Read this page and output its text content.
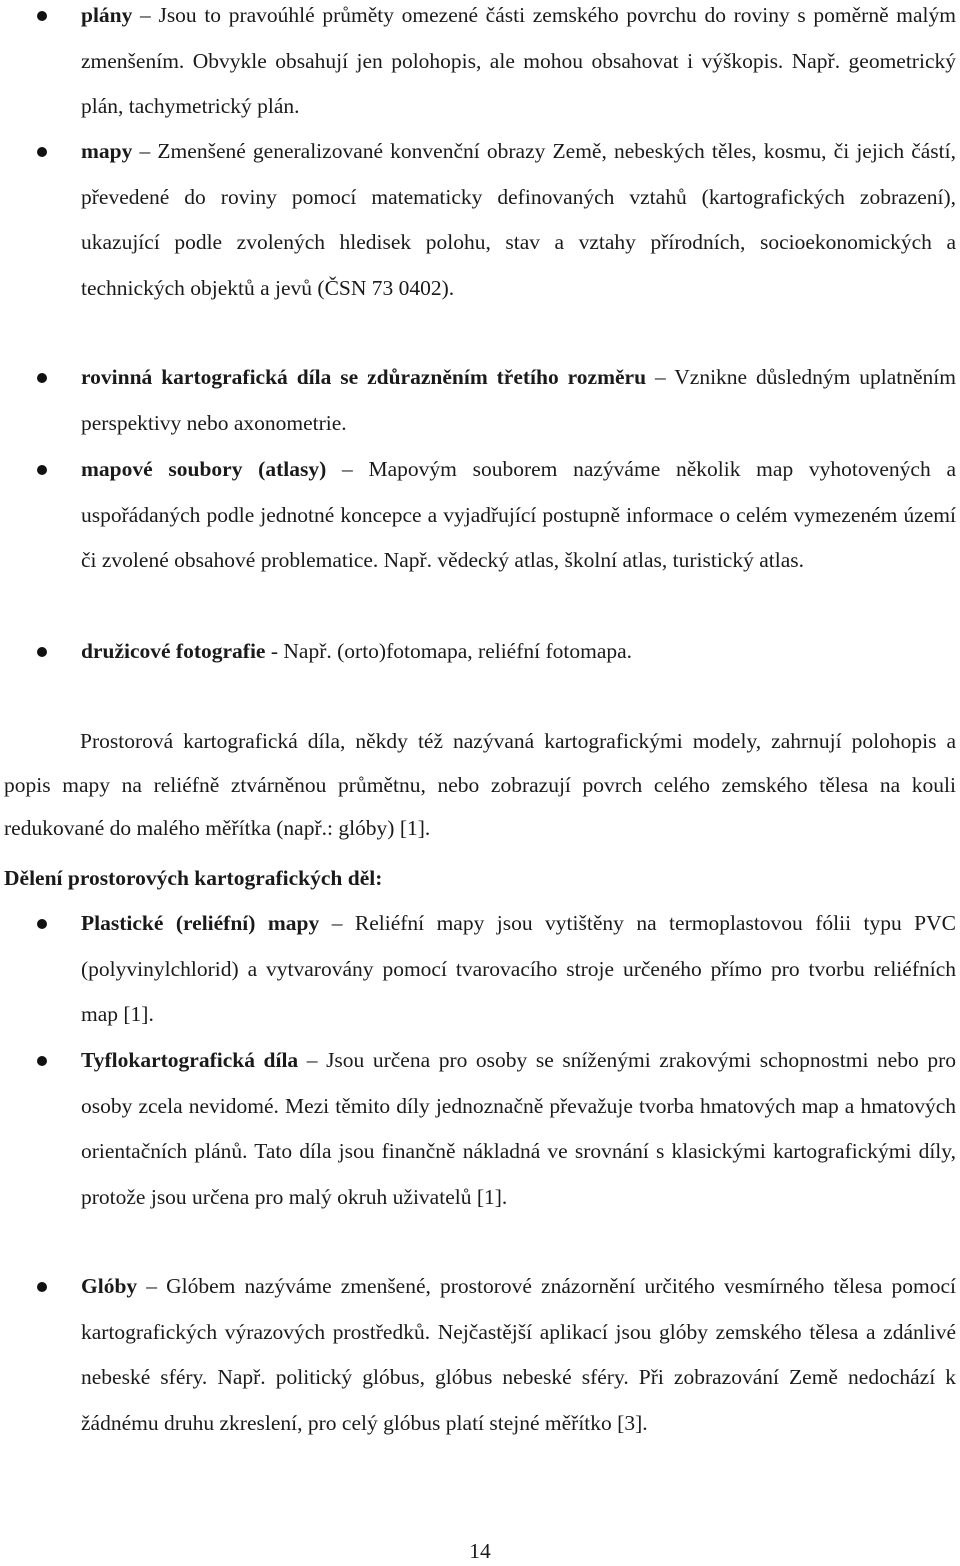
plány – Jsou to pravoúhlé průměty omezené části zemského povrchu do roviny s poměrně malým zmenšením. Obvykle obsahují jen polohopis, ale mohou obsahovat i výškopis. Např. geometrický plán, tachymetrický plán.
mapy – Zmenšené generalizované konvenční obrazy Země, nebeských těles, kosmu, či jejich částí, převedené do roviny pomocí matematicky definovaných vztahů (kartografických zobrazení), ukazující podle zvolených hledisek polohu, stav a vztahy přírodních, socioekonomických a technických objektů a jevů (ČSN 73 0402).
rovinná kartografická díla se zdůrazněním třetího rozměru – Vznikne důsledným uplatněním perspektivy nebo axonometrie.
mapové soubory (atlasy) – Mapovým souborem nazýváme několik map vyhotovených a uspořádaných podle jednotné koncepce a vyjadřující postupně informace o celém vymezeném území či zvolené obsahové problematice. Např. vědecký atlas, školní atlas, turistický atlas.
družicové fotografie - Např. (orto)fotomapa, reliéfní fotomapa.
Prostorová kartografická díla, někdy též nazývaná kartografickými modely, zahrnují polohopis a popis mapy na reliéfně ztvárněnou průmětnu, nebo zobrazují povrch celého zemského tělesa na kouli redukované do malého měřítka (např.: glóby) [1].
Dělení prostorových kartografických děl:
Plastické (reliéfní) mapy – Reliéfní mapy jsou vytištěny na termoplastovou fólii typu PVC (polyvinylchlorid) a vytvarovány pomocí tvarovacího stroje určeného přímo pro tvorbu reliéfních map [1].
Tyflokartografická díla – Jsou určena pro osoby se sníženými zrakovými schopnostmi nebo pro osoby zcela nevidomé. Mezi těmito díly jednoznačně převažuje tvorba hmatových map a hmatových orientačních plánů. Tato díla jsou finančně nákladná ve srovnání s klasickými kartografickými díly, protože jsou určena pro malý okruh uživatelů [1].
Glóby – Glóbem nazýváme zmenšené, prostorové znázornění určitého vesmírného tělesa pomocí kartografických výrazových prostředků. Nejčastější aplikací jsou glóby zemského tělesa a zdánlivé nebeské sféry. Např. politický glóbus, glóbus nebeské sféry. Při zobrazování Země nedochází k žádnému druhu zkreslení, pro celý glóbus platí stejné měřítko [3].
14
